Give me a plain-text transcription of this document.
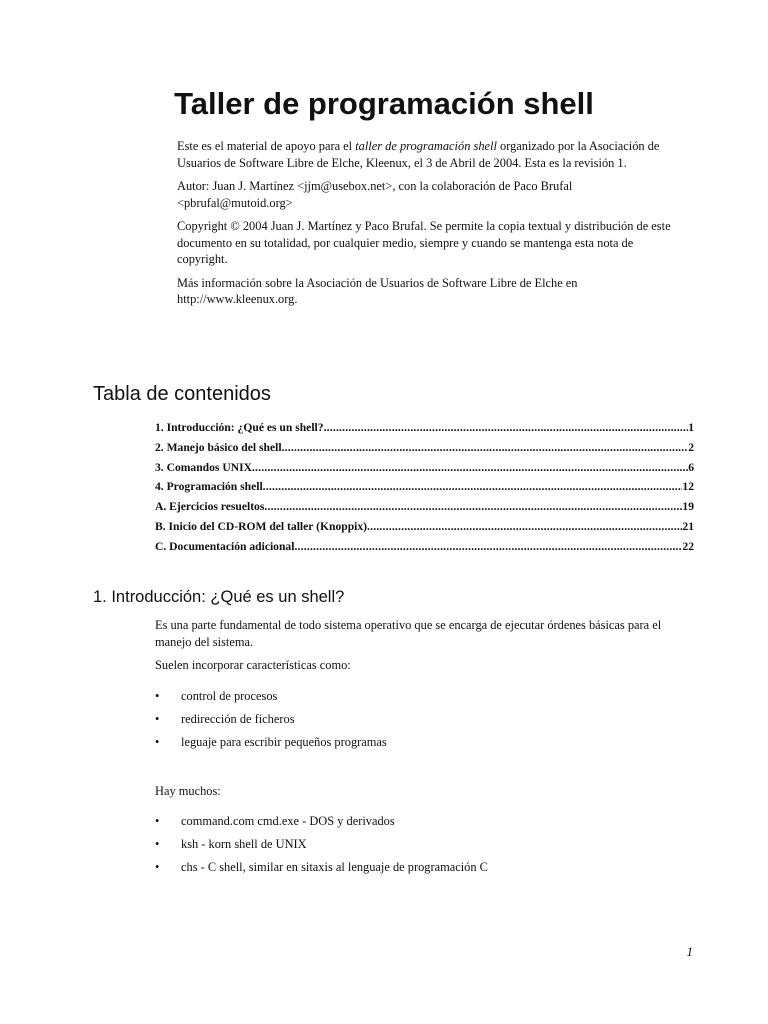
Taller de programación shell

Este es el material de apoyo para el taller de programación shell organizado por la Asociación de Usuarios de Software Libre de Elche, Kleenux, el 3 de Abril de 2004. Esta es la revisión 1.

Autor: Juan J. Martínez <jjm@usebox.net>, con la colaboración de Paco Brufal <pbrufal@mutoid.org>

Copyright © 2004 Juan J. Martínez y Paco Brufal. Se permite la copia textual y distribución de este documento en su totalidad, por cualquier medio, siempre y cuando se mantenga esta nota de copyright.

Más información sobre la Asociación de Usuarios de Software Libre de Elche en http://www.kleenux.org.

Tabla de contenidos
1. Introducción: ¿Qué es un shell? .....	1
2. Manejo básico del shell .....	2
3. Comandos UNIX .....	6
4. Programación shell .....	12
A. Ejercicios resueltos .....	19
B. Inicio del CD-ROM del taller (Knoppix) .....	21
C. Documentación adicional .....	22
1. Introducción: ¿Qué es un shell?

Es una parte fundamental de todo sistema operativo que se encarga de ejecutar órdenes básicas para el manejo del sistema.

Suelen incorporar características como:

• control de procesos
• redirección de ficheros
• leguaje para escribir pequeños programas

Hay muchos:

• command.com cmd.exe - DOS y derivados
• ksh - korn shell de UNIX
• chs - C shell, similar en sitaxis al lenguaje de programación C
1
